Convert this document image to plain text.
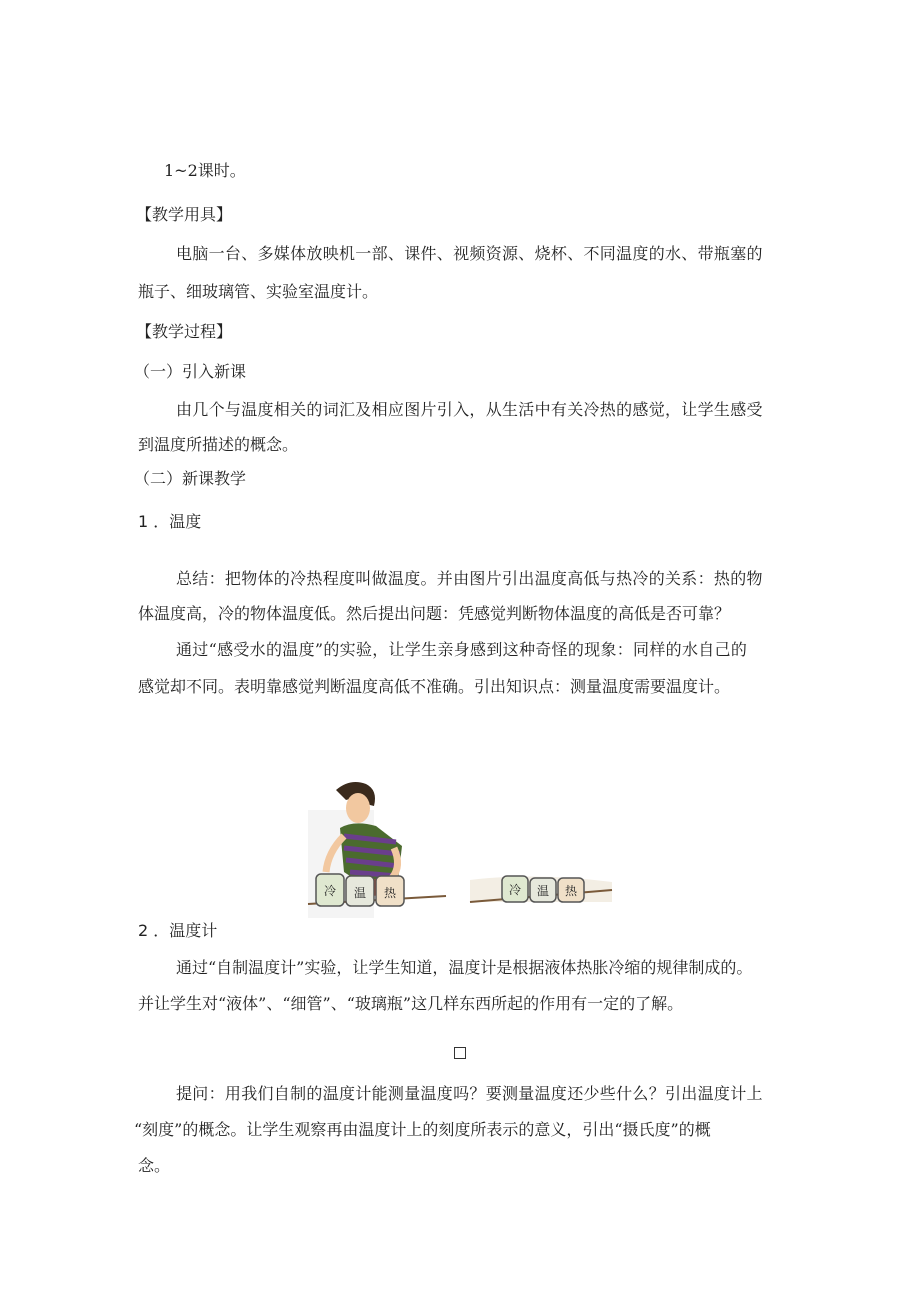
1~2课时。
【教学用具】
电脑一台、多媒体放映机一部、课件、视频资源、烧杯、不同温度的水、带瓶塞的
瓶子、细玻璃管、实验室温度计。
【教学过程】
（一）引入新课
由几个与温度相关的词汇及相应图片引入，从生活中有关冷热的感觉，让学生感受
到温度所描述的概念。
（二）新课教学
1 ．温度
总结：把物体的冷热程度叫做温度。并由图片引出温度高低与热冷的关系：热的物
体温度高，冷的物体温度低。然后提出问题：凭感觉判断物体温度的高低是否可靠？
通过“感受水的温度”的实验，让学生亲身感到这种奇怪的现象：同样的水自己的
感觉却不同。表明靠感觉判断温度高低不准确。引出知识点：测量温度需要温度计。
冷 温 热	冷 温 热
2 ．温度计
通过“自制温度计”实验，让学生知道，温度计是根据液体热胀冷缩的规律制成的。
并让学生对“液体”、“细管”、“玻璃瓶”这几样东西所起的作用有一定的了解。
提问：用我们自制的温度计能测量温度吗？要测量温度还少些什么？引出温度计上
“刻度”的概念。让学生观察再由温度计上的刻度所表示的意义，引出“摄氏度”的概
念。
